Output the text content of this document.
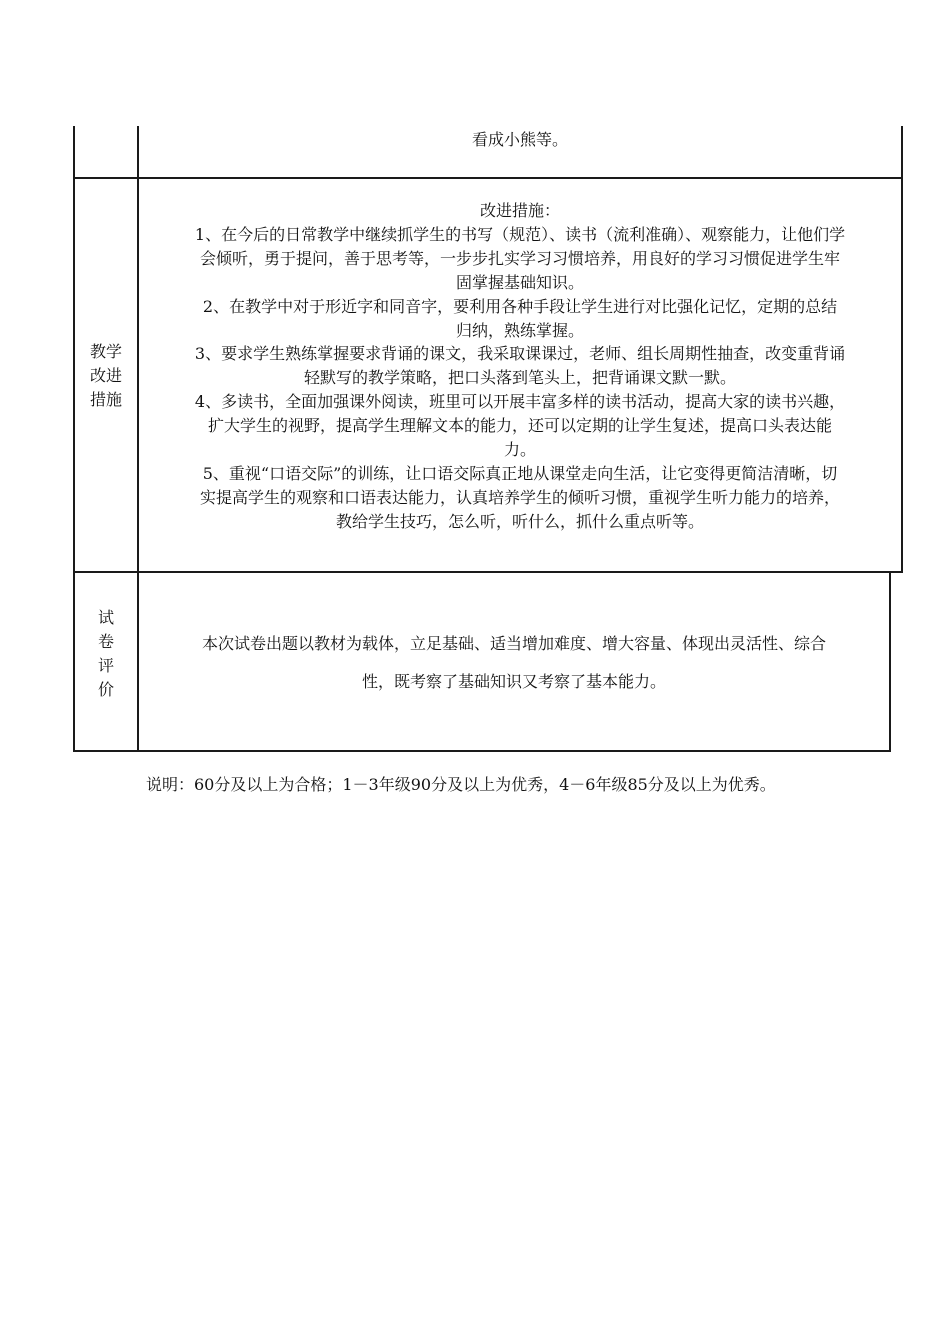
看成小熊等。
教学
改进
措施
改进措施：
1、在今后的日常教学中继续抓学生的书写（规范）、读书（流利准确）、观察能力，让他们学
会倾听，勇于提问，善于思考等，一步步扎实学习习惯培养，用良好的学习习惯促进学生牢
固掌握基础知识。
2、在教学中对于形近字和同音字，要利用各种手段让学生进行对比强化记忆，定期的总结
归纳，熟练掌握。
3、要求学生熟练掌握要求背诵的课文，我采取课课过，老师、组长周期性抽查，改变重背诵
轻默写的教学策略，把口头落到笔头上，把背诵课文默一默。
4、多读书，全面加强课外阅读，班里可以开展丰富多样的读书活动，提高大家的读书兴趣，
扩大学生的视野，提高学生理解文本的能力，还可以定期的让学生复述，提高口头表达能
力。
5、重视“口语交际”的训练，让口语交际真正地从课堂走向生活，让它变得更简洁清晰，切
实提高学生的观察和口语表达能力，认真培养学生的倾听习惯，重视学生听力能力的培养，
教给学生技巧，怎么听，听什么，抓什么重点听等。
试
卷
评
价
本次试卷出题以教材为载体，立足基础、适当增加难度、增大容量、体现出灵活性、综合
性，既考察了基础知识又考察了基本能力。
说明：60分及以上为合格；1－3年级90分及以上为优秀，4－6年级85分及以上为优秀。
